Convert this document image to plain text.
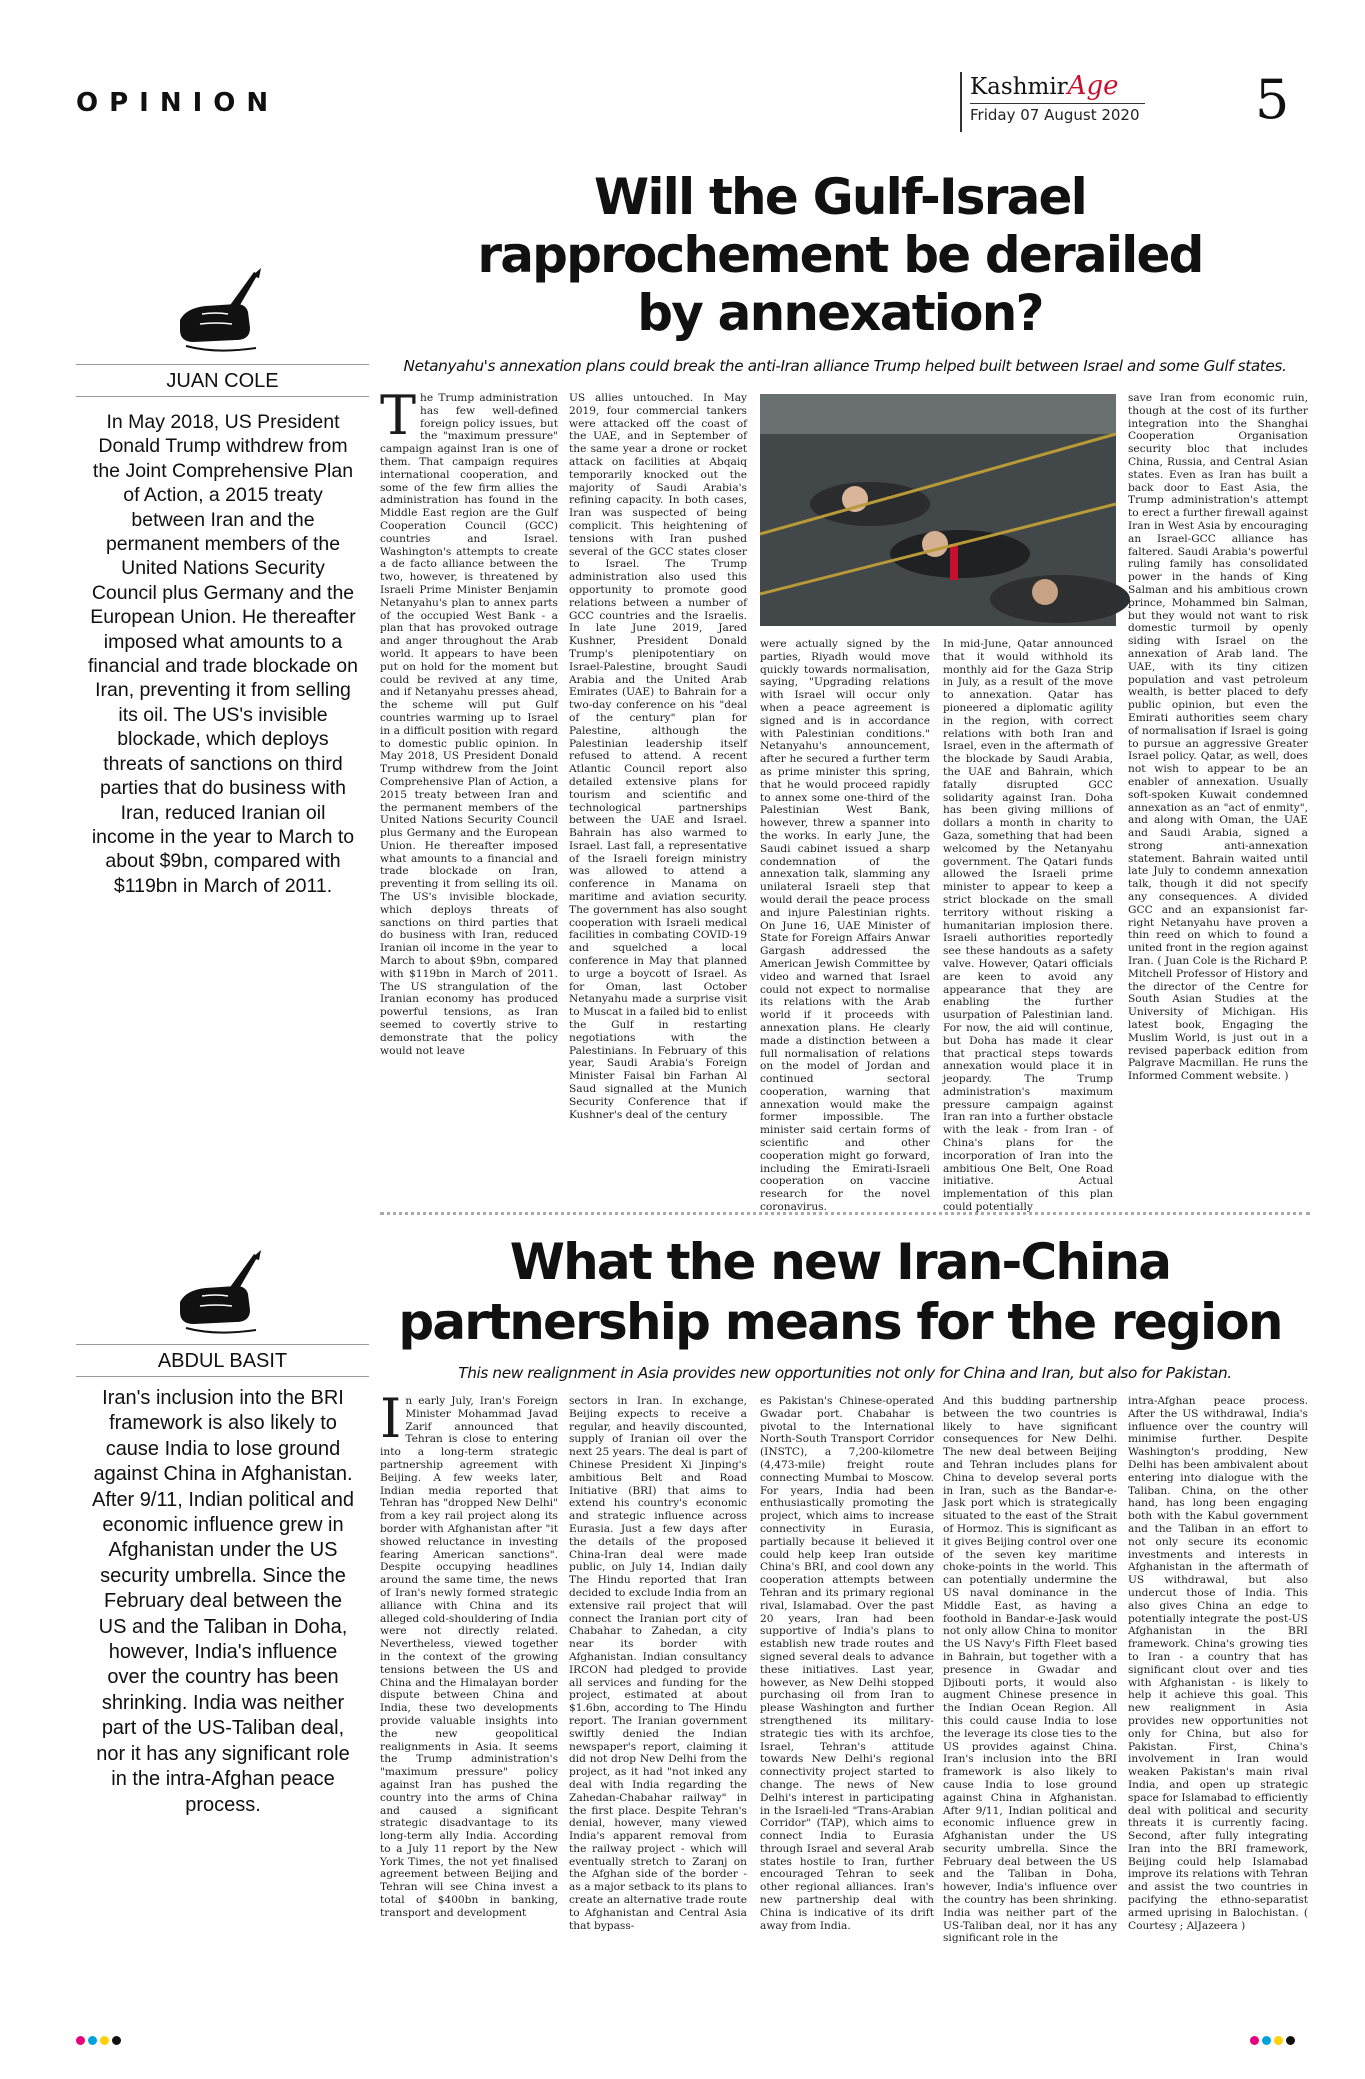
OPINION
KashmirAge
Friday 07 August 2020 5
JUAN COLE
In May 2018, US President Donald Trump withdrew from the Joint Comprehensive Plan of Action, a 2015 treaty between Iran and the permanent members of the United Nations Security Council plus Germany and the European Union. He thereafter imposed what amounts to a financial and trade blockade on Iran, preventing it from selling its oil. The US's invisible blockade, which deploys threats of sanctions on third parties that do business with Iran, reduced Iranian oil income in the year to March to about $9bn, compared with $119bn in March of 2011.
Will the Gulf-Israel
rapprochement be derailed
by annexation?
Netanyahu's annexation plans could break the anti-Iran alliance Trump helped built between Israel and some Gulf states.
The Trump administration has few well-defined foreign policy issues, but the "maximum pressure" campaign against Iran is one of them. That campaign requires international cooperation, and some of the few firm allies the administration has found in the Middle East region are the Gulf Cooperation Council (GCC) countries and Israel. Washington's attempts to create a de facto alliance between the two, however, is threatened by Israeli Prime Minister Benjamin Netanyahu's plan to annex parts of the occupied West Bank - a plan that has provoked outrage and anger throughout the Arab world. It appears to have been put on hold for the moment but could be revived at any time, and if Netanyahu presses ahead, the scheme will put Gulf countries warming up to Israel in a difficult position with regard to domestic public opinion. In May 2018, US President Donald Trump withdrew from the Joint Comprehensive Plan of Action, a 2015 treaty between Iran and the permanent members of the United Nations Security Council plus Germany and the European Union. He thereafter imposed what amounts to a financial and trade blockade on Iran, preventing it from selling its oil. The US's invisible blockade, which deploys threats of sanctions on third parties that do business with Iran, reduced Iranian oil income in the year to March to about $9bn, compared with $119bn in March of 2011. The US strangulation of the Iranian economy has produced powerful tensions, as Iran seemed to covertly strive to demonstrate that the policy would not leave
US allies untouched. In May 2019, four commercial tankers were attacked off the coast of the UAE, and in September of the same year a drone or rocket attack on facilities at Abqaiq temporarily knocked out the majority of Saudi Arabia's refining capacity. In both cases, Iran was suspected of being complicit. This heightening of tensions with Iran pushed several of the GCC states closer to Israel. The Trump administration also used this opportunity to promote good relations between a number of GCC countries and the Israelis. In late June 2019, Jared Kushner, President Donald Trump's plenipotentiary on Israel-Palestine, brought Saudi Arabia and the United Arab Emirates (UAE) to Bahrain for a two-day conference on his "deal of the century" plan for Palestine, although the Palestinian leadership itself refused to attend. A recent Atlantic Council report also detailed extensive plans for tourism and scientific and technological partnerships between the UAE and Israel. Bahrain has also warmed to Israel. Last fall, a representative of the Israeli foreign ministry was allowed to attend a conference in Manama on maritime and aviation security. The government has also sought cooperation with Israeli medical facilities in combating COVID-19 and squelched a local conference in May that planned to urge a boycott of Israel. As for Oman, last October Netanyahu made a surprise visit to Muscat in a failed bid to enlist the Gulf in restarting negotiations with the Palestinians. In February of this year, Saudi Arabia's Foreign Minister Faisal bin Farhan Al Saud signalled at the Munich Security Conference that if Kushner's deal of the century
were actually signed by the parties, Riyadh would move quickly towards normalisation, saying, "Upgrading relations with Israel will occur only when a peace agreement is signed and is in accordance with Palestinian conditions." Netanyahu's announcement, after he secured a further term as prime minister this spring, that he would proceed rapidly to annex some one-third of the Palestinian West Bank, however, threw a spanner into the works. In early June, the Saudi cabinet issued a sharp condemnation of the annexation talk, slamming any unilateral Israeli step that would derail the peace process and injure Palestinian rights. On June 16, UAE Minister of State for Foreign Affairs Anwar Gargash addressed the American Jewish Committee by video and warned that Israel could not expect to normalise its relations with the Arab world if it proceeds with annexation plans. He clearly made a distinction between a full normalisation of relations on the model of Jordan and continued sectoral cooperation, warning that annexation would make the former impossible. The minister said certain forms of scientific and other cooperation might go forward, including the Emirati-Israeli cooperation on vaccine research for the novel coronavirus.
In mid-June, Qatar announced that it would withhold its monthly aid for the Gaza Strip in July, as a result of the move to annexation. Qatar has pioneered a diplomatic agility in the region, with correct relations with both Iran and Israel, even in the aftermath of the blockade by Saudi Arabia, the UAE and Bahrain, which fatally disrupted GCC solidarity against Iran. Doha has been giving millions of dollars a month in charity to Gaza, something that had been welcomed by the Netanyahu government. The Qatari funds allowed the Israeli prime minister to appear to keep a strict blockade on the small territory without risking a humanitarian implosion there. Israeli authorities reportedly see these handouts as a safety valve. However, Qatari officials are keen to avoid any appearance that they are enabling the further usurpation of Palestinian land. For now, the aid will continue, but Doha has made it clear that practical steps towards annexation would place it in jeopardy. The Trump administration's maximum pressure campaign against Iran ran into a further obstacle with the leak - from Iran - of China's plans for the incorporation of Iran into the ambitious One Belt, One Road initiative. Actual implementation of this plan could potentially
save Iran from economic ruin, though at the cost of its further integration into the Shanghai Cooperation Organisation security bloc that includes China, Russia, and Central Asian states. Even as Iran has built a back door to East Asia, the Trump administration's attempt to erect a further firewall against Iran in West Asia by encouraging an Israel-GCC alliance has faltered. Saudi Arabia's powerful ruling family has consolidated power in the hands of King Salman and his ambitious crown prince, Mohammed bin Salman, but they would not want to risk domestic turmoil by openly siding with Israel on the annexation of Arab land. The UAE, with its tiny citizen population and vast petroleum wealth, is better placed to defy public opinion, but even the Emirati authorities seem chary of normalisation if Israel is going to pursue an aggressive Greater Israel policy. Qatar, as well, does not wish to appear to be an enabler of annexation. Usually soft-spoken Kuwait condemned annexation as an "act of enmity", and along with Oman, the UAE and Saudi Arabia, signed a strong anti-annexation statement. Bahrain waited until late July to condemn annexation talk, though it did not specify any consequences. A divided GCC and an expansionist far-right Netanyahu have proven a thin reed on which to found a united front in the region against Iran. ( Juan Cole is the Richard P. Mitchell Professor of History and the director of the Centre for South Asian Studies at the University of Michigan. His latest book, Engaging the Muslim World, is just out in a revised paperback edition from Palgrave Macmillan. He runs the Informed Comment website. )
ABDUL BASIT
Iran's inclusion into the BRI framework is also likely to cause India to lose ground against China in Afghanistan. After 9/11, Indian political and economic influence grew in Afghanistan under the US security umbrella. Since the February deal between the US and the Taliban in Doha, however, India's influence over the country has been shrinking. India was neither part of the US-Taliban deal, nor it has any significant role in the intra-Afghan peace process.
What the new Iran-China
partnership means for the region
This new realignment in Asia provides new opportunities not only for China and Iran, but also for Pakistan.
In early July, Iran's Foreign Minister Mohammad Javad Zarif announced that Tehran is close to entering into a long-term strategic partnership agreement with Beijing. A few weeks later, Indian media reported that Tehran has "dropped New Delhi" from a key rail project along its border with Afghanistan after "it showed reluctance in investing fearing American sanctions". Despite occupying headlines around the same time, the news of Iran's newly formed strategic alliance with China and its alleged cold-shouldering of India were not directly related. Nevertheless, viewed together in the context of the growing tensions between the US and China and the Himalayan border dispute between China and India, these two developments provide valuable insights into the new geopolitical realignments in Asia. It seems the Trump administration's "maximum pressure" policy against Iran has pushed the country into the arms of China and caused a significant strategic disadvantage to its long-term ally India. According to a July 11 report by the New York Times, the not yet finalised agreement between Beijing and Tehran will see China invest a total of $400bn in banking, transport and development
sectors in Iran. In exchange, Beijing expects to receive a regular, and heavily discounted, supply of Iranian oil over the next 25 years. The deal is part of Chinese President Xi Jinping's ambitious Belt and Road Initiative (BRI) that aims to extend his country's economic and strategic influence across Eurasia. Just a few days after the details of the proposed China-Iran deal were made public, on July 14, Indian daily The Hindu reported that Iran decided to exclude India from an extensive rail project that will connect the Iranian port city of Chabahar to Zahedan, a city near its border with Afghanistan. Indian consultancy IRCON had pledged to provide all services and funding for the project, estimated at about $1.6bn, according to The Hindu report. The Iranian government swiftly denied the Indian newspaper's report, claiming it did not drop New Delhi from the project, as it had "not inked any deal with India regarding the Zahedan-Chabahar railway" in the first place. Despite Tehran's denial, however, many viewed India's apparent removal from the railway project - which will eventually stretch to Zaranj on the Afghan side of the border - as a major setback to its plans to create an alternative trade route to Afghanistan and Central Asia that bypass-
es Pakistan's Chinese-operated Gwadar port. Chabahar is pivotal to the International North-South Transport Corridor (INSTC), a 7,200-kilometre (4,473-mile) freight route connecting Mumbai to Moscow. For years, India had been enthusiastically promoting the project, which aims to increase connectivity in Eurasia, partially because it believed it could help keep Iran outside China's BRI, and cool down any cooperation attempts between Tehran and its primary regional rival, Islamabad. Over the past 20 years, Iran had been supportive of India's plans to establish new trade routes and signed several deals to advance these initiatives. Last year, however, as New Delhi stopped purchasing oil from Iran to please Washington and further strengthened its military-strategic ties with its archfoe, Israel, Tehran's attitude towards New Delhi's regional connectivity project started to change. The news of New Delhi's interest in participating in the Israeli-led "Trans-Arabian Corridor" (TAP), which aims to connect India to Eurasia through Israel and several Arab states hostile to Iran, further encouraged Tehran to seek other regional alliances. Iran's new partnership deal with China is indicative of its drift away from India.
And this budding partnership between the two countries is likely to have significant consequences for New Delhi. The new deal between Beijing and Tehran includes plans for China to develop several ports in Iran, such as the Bandar-e-Jask port which is strategically situated to the east of the Strait of Hormoz. This is significant as it gives Beijing control over one of the seven key maritime choke-points in the world. This can potentially undermine the US naval dominance in the Middle East, as having a foothold in Bandar-e-Jask would not only allow China to monitor the US Navy's Fifth Fleet based in Bahrain, but together with a presence in Gwadar and Djibouti ports, it would also augment Chinese presence in the Indian Ocean Region. All this could cause India to lose the leverage its close ties to the US provides against China. Iran's inclusion into the BRI framework is also likely to cause India to lose ground against China in Afghanistan. After 9/11, Indian political and economic influence grew in Afghanistan under the US security umbrella. Since the February deal between the US and the Taliban in Doha, however, India's influence over the country has been shrinking. India was neither part of the US-Taliban deal, nor it has any significant role in the
intra-Afghan peace process. After the US withdrawal, India's influence over the country will minimise further. Despite Washington's prodding, New Delhi has been ambivalent about entering into dialogue with the Taliban. China, on the other hand, has long been engaging both with the Kabul government and the Taliban in an effort to not only secure its economic investments and interests in Afghanistan in the aftermath of US withdrawal, but also undercut those of India. This also gives China an edge to potentially integrate the post-US Afghanistan in the BRI framework. China's growing ties to Iran - a country that has significant clout over and ties with Afghanistan - is likely to help it achieve this goal. This new realignment in Asia provides new opportunities not only for China, but also for Pakistan. First, China's involvement in Iran would weaken Pakistan's main rival India, and open up strategic space for Islamabad to efficiently deal with political and security threats it is currently facing. Second, after fully integrating Iran into the BRI framework, Beijing could help Islamabad improve its relations with Tehran and assist the two countries in pacifying the ethno-separatist armed uprising in Balochistan. ( Courtesy ; AlJazeera )
